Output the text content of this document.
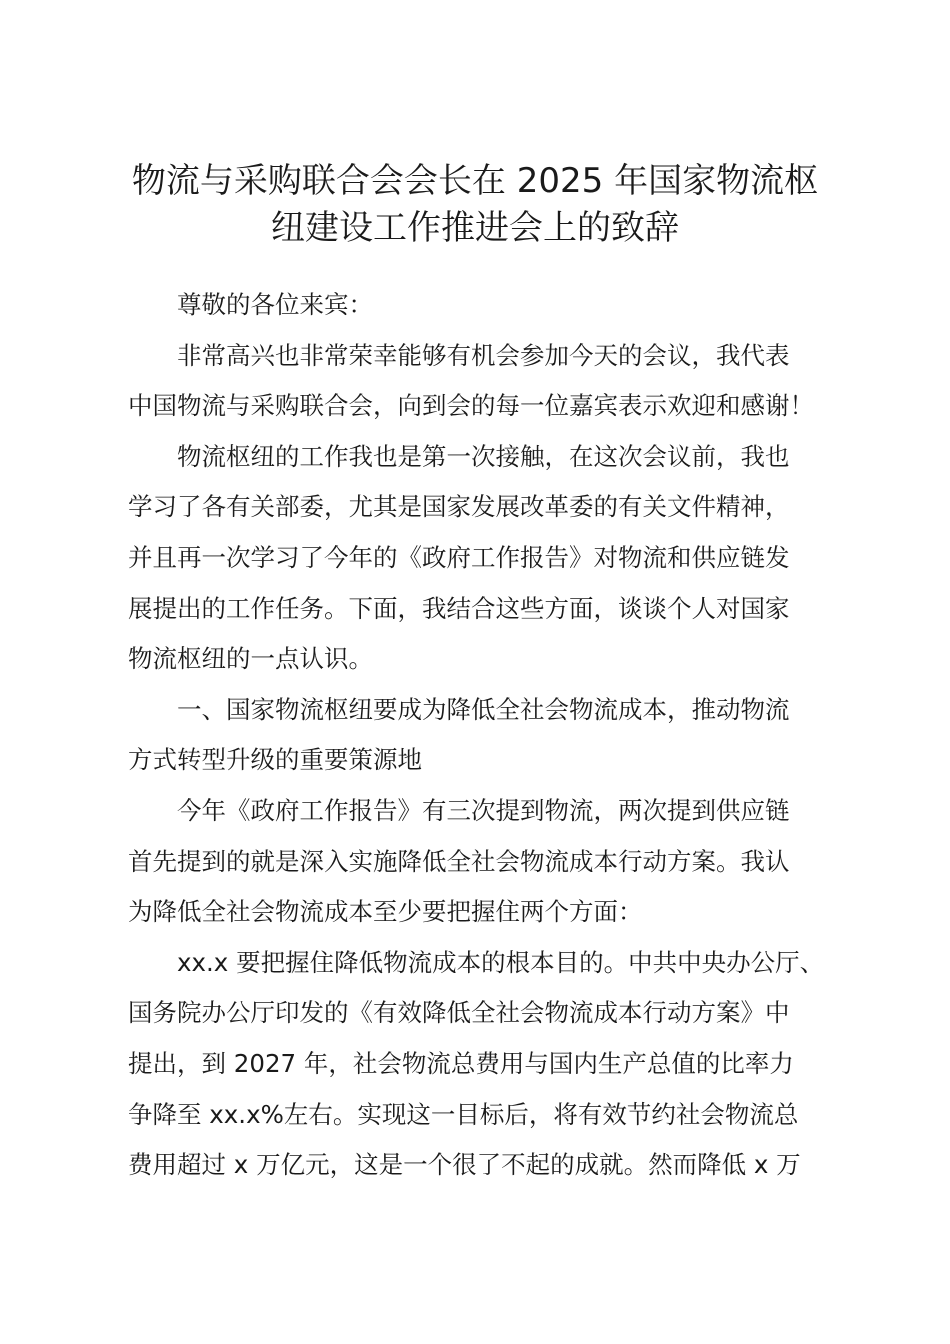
物流与采购联合会会长在 2025 年国家物流枢
纽建设工作推进会上的致辞
尊敬的各位来宾：
非常高兴也非常荣幸能够有机会参加今天的会议，我代表
中国物流与采购联合会，向到会的每一位嘉宾表示欢迎和感谢！
物流枢纽的工作我也是第一次接触，在这次会议前，我也
学习了各有关部委，尤其是国家发展改革委的有关文件精神，
并且再一次学习了今年的《政府工作报告》对物流和供应链发
展提出的工作任务。下面，我结合这些方面，谈谈个人对国家
物流枢纽的一点认识。
一、国家物流枢纽要成为降低全社会物流成本，推动物流
方式转型升级的重要策源地
今年《政府工作报告》有三次提到物流，两次提到供应链
首先提到的就是深入实施降低全社会物流成本行动方案。我认
为降低全社会物流成本至少要把握住两个方面：
xx.x 要把握住降低物流成本的根本目的。中共中央办公厅、
国务院办公厅印发的《有效降低全社会物流成本行动方案》中
提出，到 2027 年，社会物流总费用与国内生产总值的比率力
争降至 xx.x%左右。实现这一目标后，将有效节约社会物流总
费用超过 x 万亿元，这是一个很了不起的成就。然而降低 x 万
